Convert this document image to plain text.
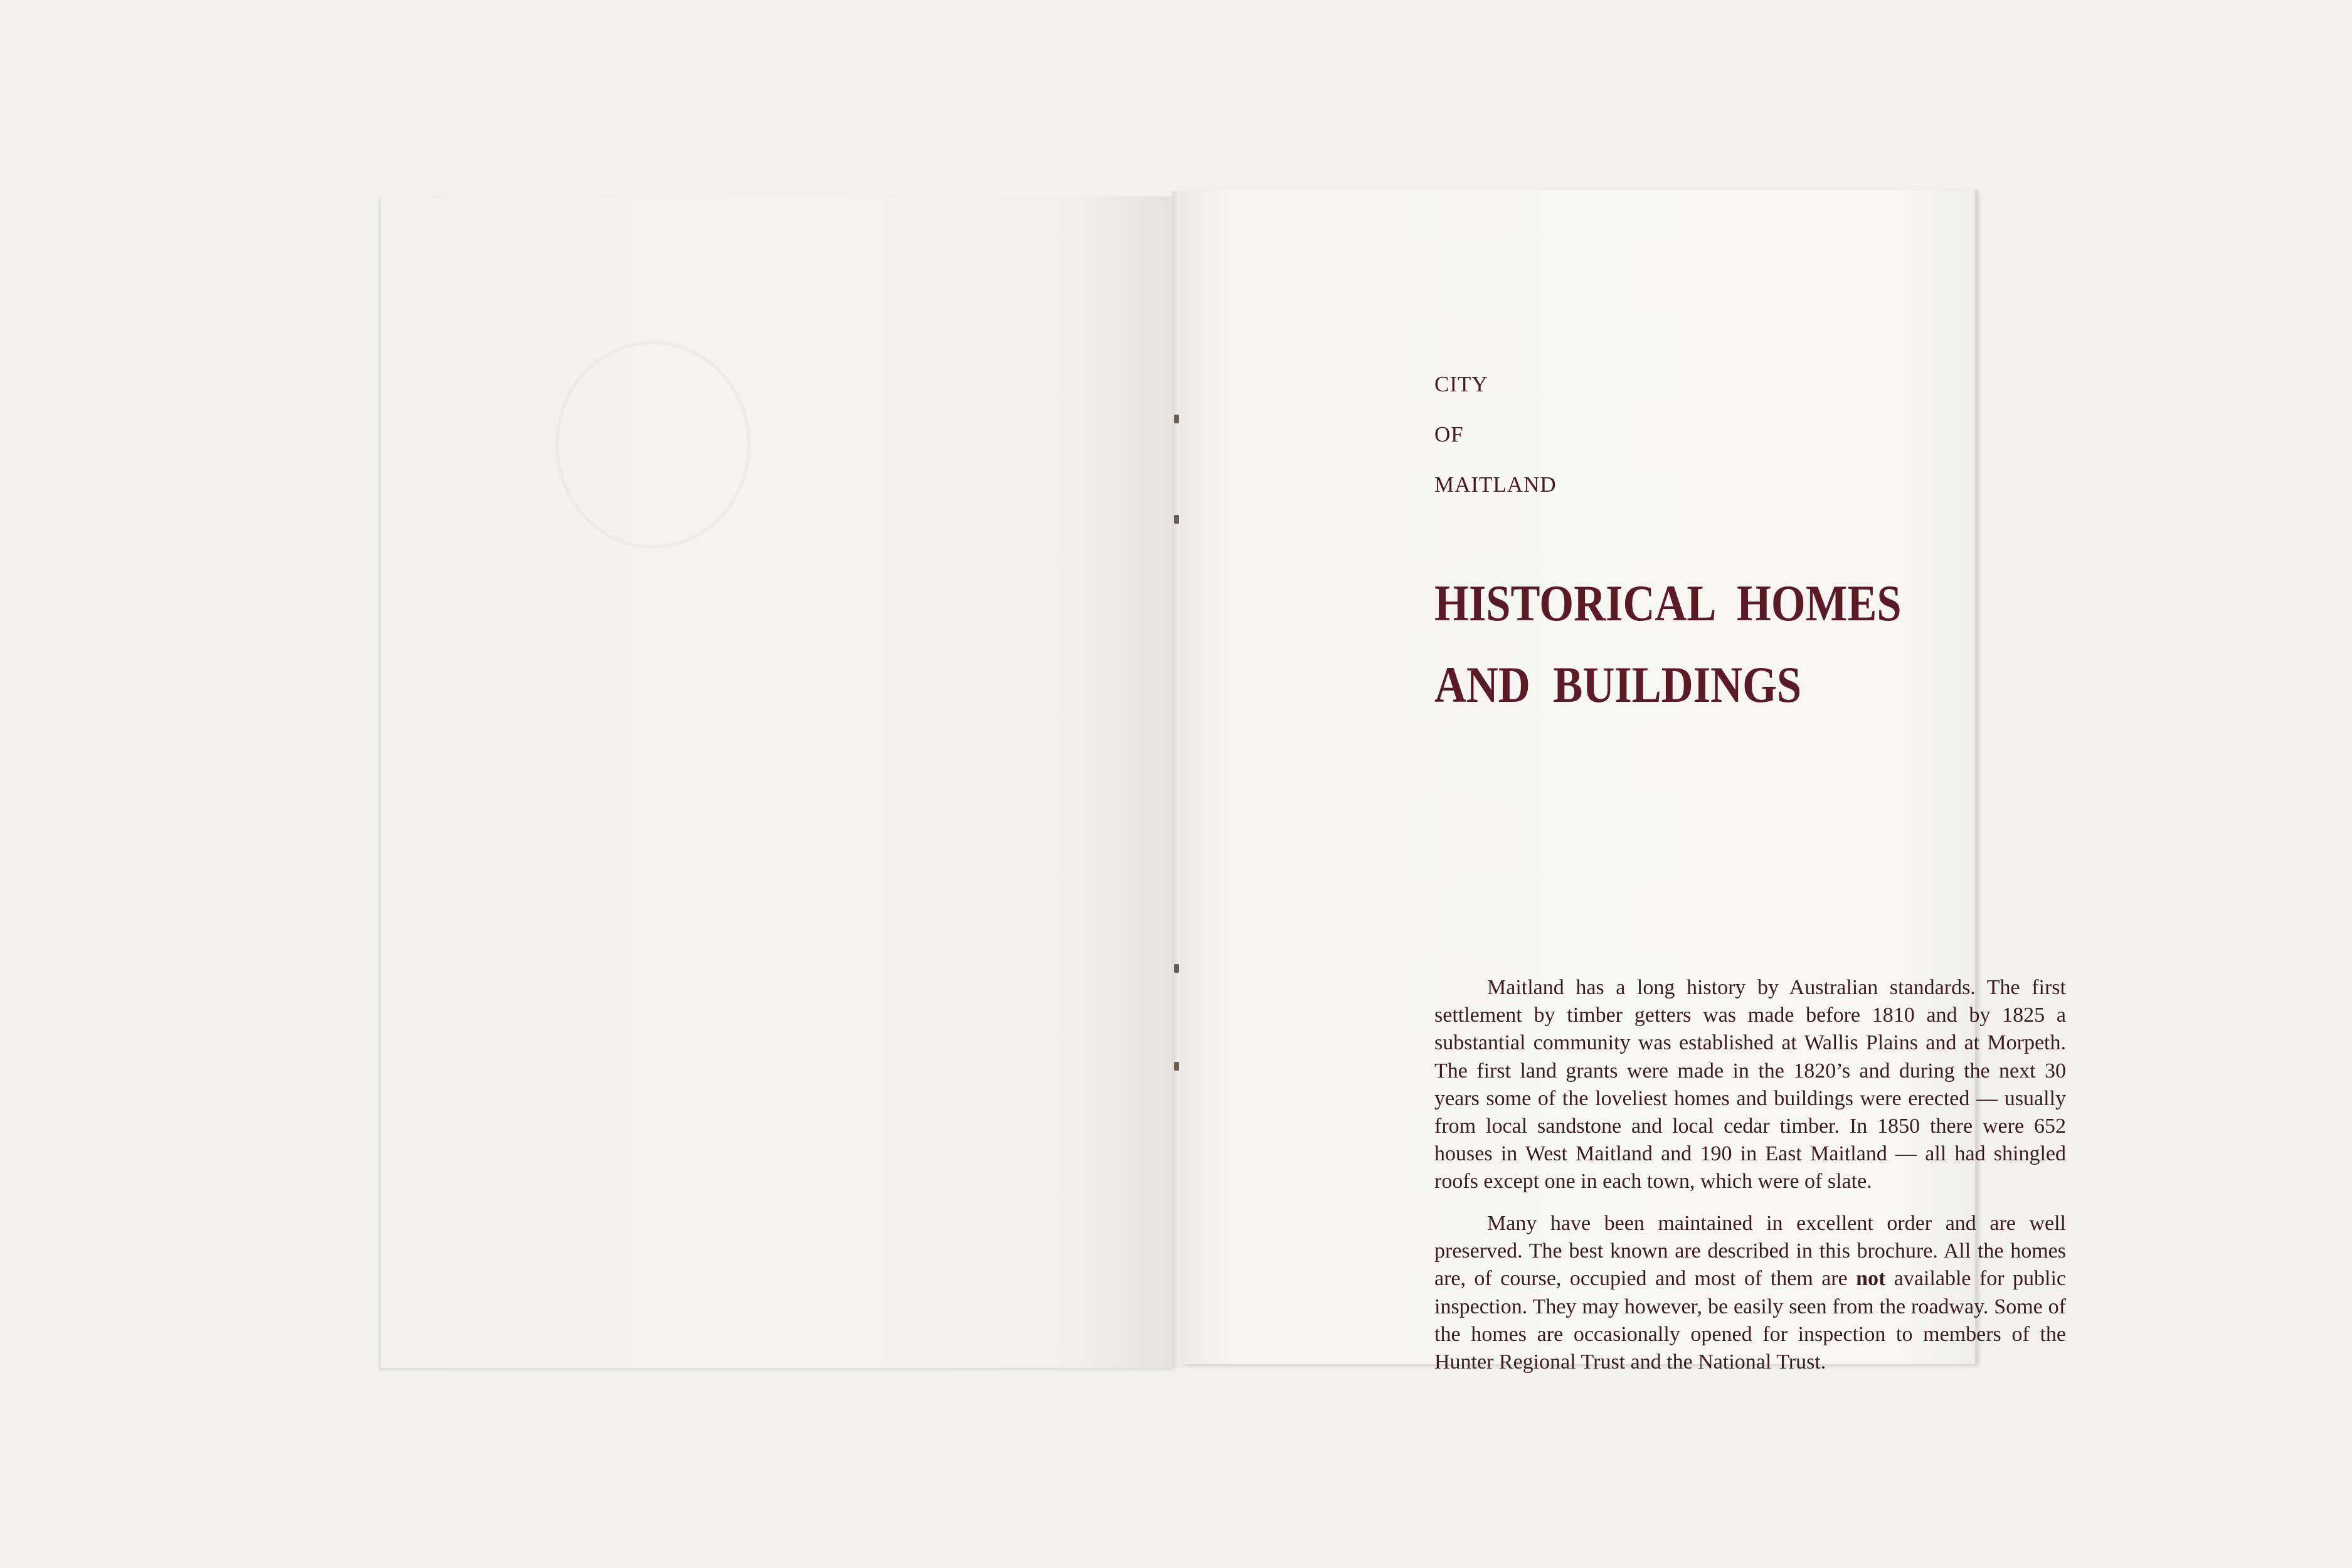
CITY
OF
MAITLAND
HISTORICAL HOMES
AND BUILDINGS

Maitland has a long history by Australian standards. The first settlement by timber getters was made before 1810 and by 1825 a substantial community was established at Wallis Plains and at Morpeth. The first land grants were made in the 1820’s and during the next 30 years some of the loveliest homes and buildings were erected — usually from local sandstone and local cedar timber. In 1850 there were 652 houses in West Maitland and 190 in East Maitland — all had shingled roofs except one in each town, which were of slate.

Many have been maintained in excellent order and are well preserved. The best known are described in this brochure. All the homes are, of course, occupied and most of them are not available for public inspection. They may however, be easily seen from the roadway. Some of the homes are occasionally opened for inspection to members of the Hunter Regional Trust and the National Trust.
